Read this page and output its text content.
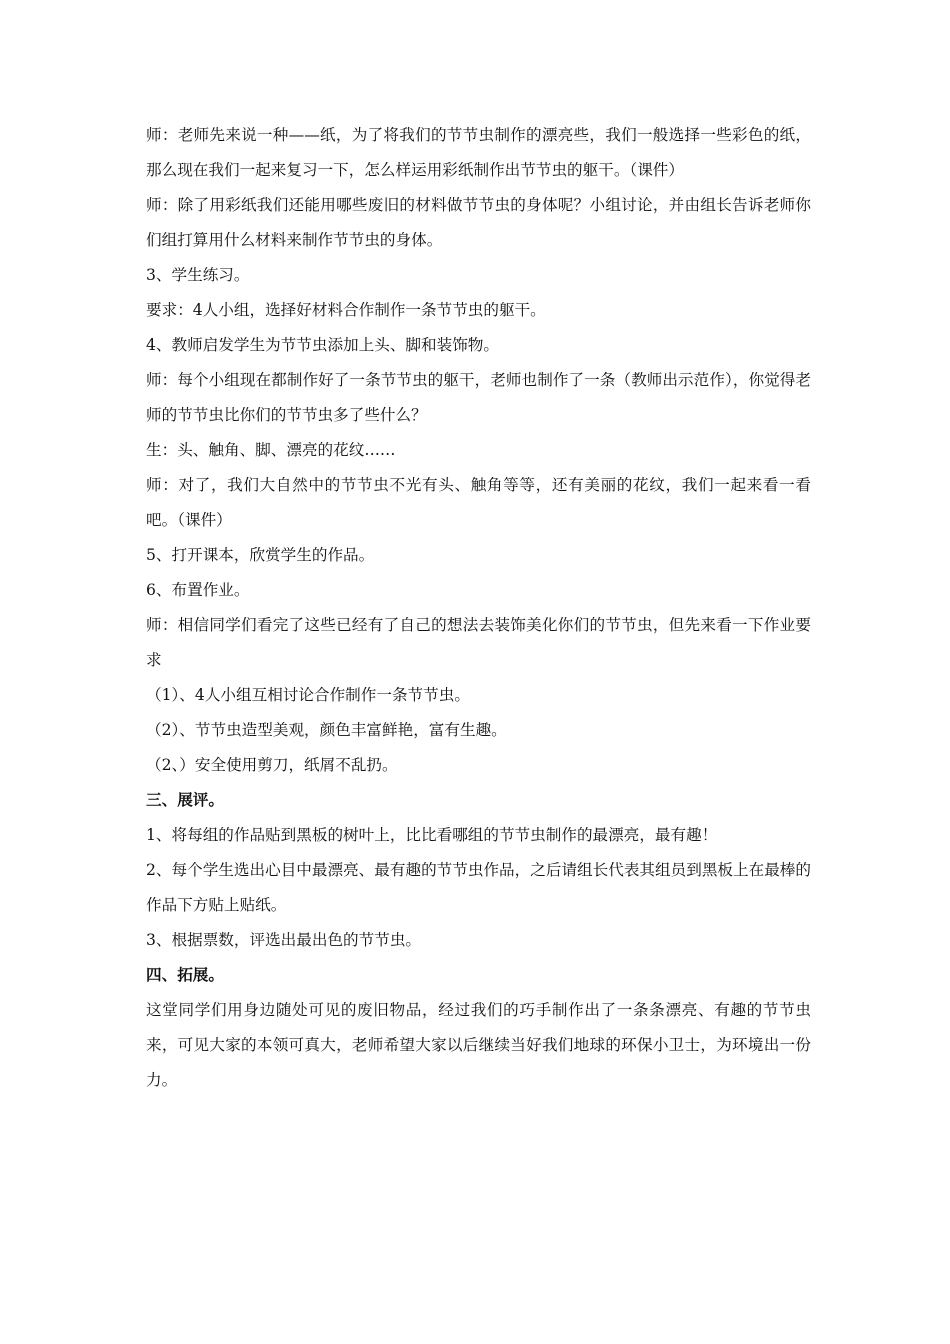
师：老师先来说一种——纸，为了将我们的节节虫制作的漂亮些，我们一般选择一些彩色的纸，那么现在我们一起来复习一下，怎么样运用彩纸制作出节节虫的躯干。（课件）

师：除了用彩纸我们还能用哪些废旧的材料做节节虫的身体呢？小组讨论，并由组长告诉老师你们组打算用什么材料来制作节节虫的身体。

3、学生练习。

要求：4人小组，选择好材料合作制作一条节节虫的躯干。

4、教师启发学生为节节虫添加上头、脚和装饰物。

师：每个小组现在都制作好了一条节节虫的躯干，老师也制作了一条（教师出示范作），你觉得老师的节节虫比你们的节节虫多了些什么？

生：头、触角、脚、漂亮的花纹……

师：对了，我们大自然中的节节虫不光有头、触角等等，还有美丽的花纹，我们一起来看一看吧。（课件）

5、打开课本，欣赏学生的作品。

6、布置作业。

师：相信同学们看完了这些已经有了自己的想法去装饰美化你们的节节虫，但先来看一下作业要求

（1）、4人小组互相讨论合作制作一条节节虫。

（2）、节节虫造型美观，颜色丰富鲜艳，富有生趣。

（2、）安全使用剪刀，纸屑不乱扔。

三、展评。

1、将每组的作品贴到黑板的树叶上，比比看哪组的节节虫制作的最漂亮，最有趣！

2、每个学生选出心目中最漂亮、最有趣的节节虫作品，之后请组长代表其组员到黑板上在最棒的作品下方贴上贴纸。

3、根据票数，评选出最出色的节节虫。

四、拓展。

这堂同学们用身边随处可见的废旧物品，经过我们的巧手制作出了一条条漂亮、有趣的节节虫来，可见大家的本领可真大，老师希望大家以后继续当好我们地球的环保小卫士，为环境出一份力。
